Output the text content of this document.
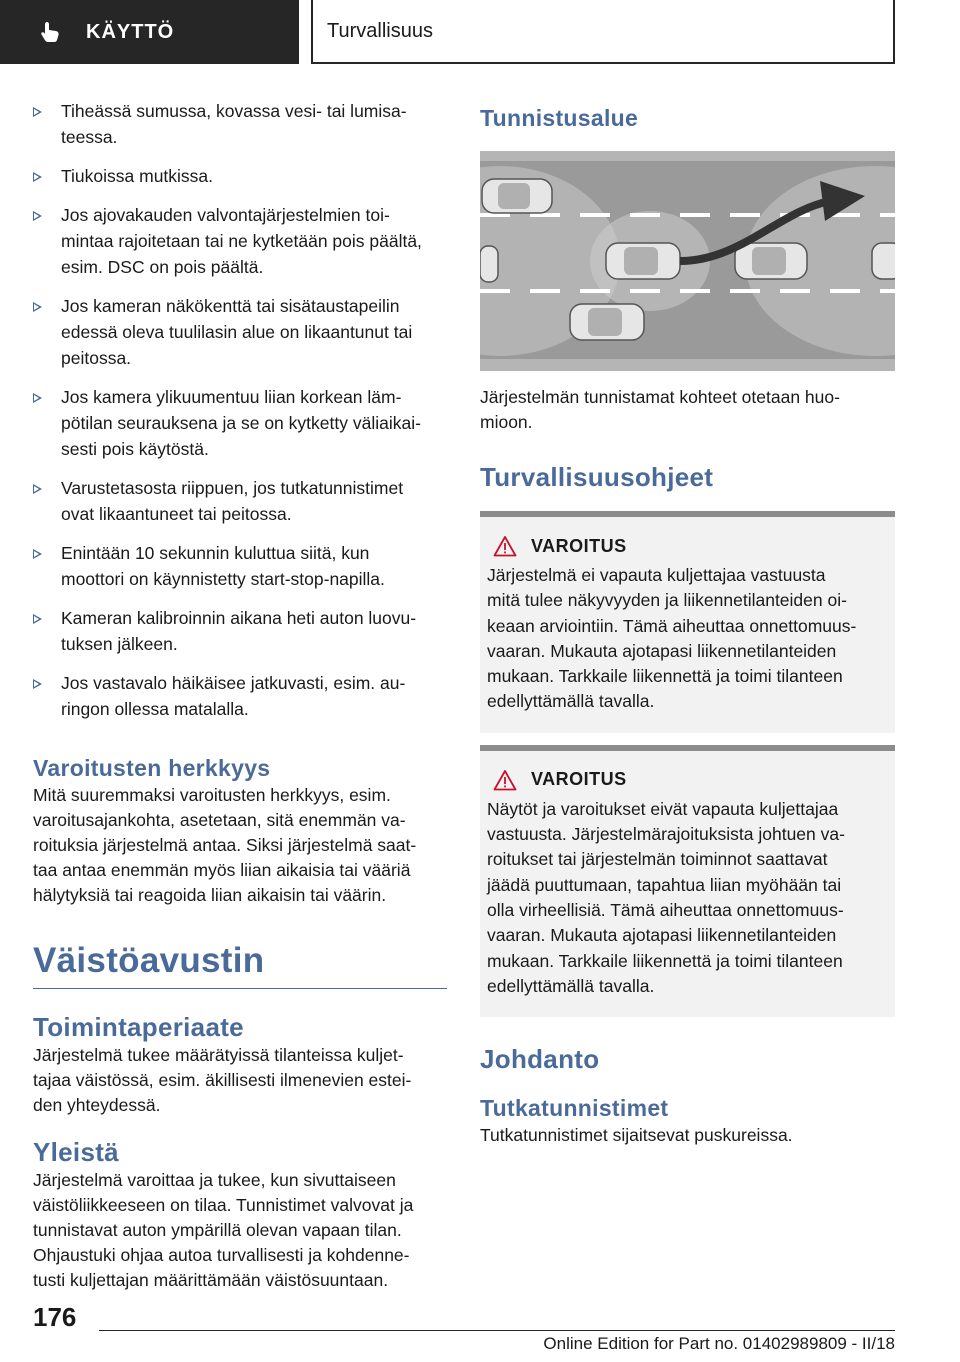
KÄYTTÖ	Turvallisuus
Tiheässä sumussa, kovassa vesi- tai lumisa-
teessa.
Tiukoissa mutkissa.
Jos ajovakauden valvontajärjestelmien toi-
mintaa rajoitetaan tai ne kytketään pois päältä,
esim. DSC on pois päältä.
Jos kameran näkökenttä tai sisätaustapeilin
edessä oleva tuulilasin alue on likaantunut tai
peitossa.
Jos kamera ylikuumentuu liian korkean läm-
pötilan seurauksena ja se on kytketty väliaikai-
sesti pois käytöstä.
Varustetasosta riippuen, jos tutkatunnistimet
ovat likaantuneet tai peitossa.
Enintään 10 sekunnin kuluttua siitä, kun
moottori on käynnistetty start-stop-napilla.
Kameran kalibroinnin aikana heti auton luovu-
tuksen jälkeen.
Jos vastavalo häikäisee jatkuvasti, esim. au-
ringon ollessa matalalla.
Varoitusten herkkyys
Mitä suuremmaksi varoitusten herkkyys, esim.
varoitusajankohta, asetetaan, sitä enemmän va-
roituksia järjestelmä antaa. Siksi järjestelmä saat-
taa antaa enemmän myös liian aikaisia tai vääriä
hälytyksiä tai reagoida liian aikaisin tai väärin.
Väistöavustin
Toimintaperiaate
Järjestelmä tukee määrätyissä tilanteissa kuljet-
tajaa väistössä, esim. äkillisesti ilmenevien estei-
den yhteydessä.
Yleistä
Järjestelmä varoittaa ja tukee, kun sivuttaiseen
väistöliikkeeseen on tilaa. Tunnistimet valvovat ja
tunnistavat auton ympärillä olevan vapaan tilan.
Ohjaustuki ohjaa autoa turvallisesti ja kohdenne-
tusti kuljettajan määrittämään väistösuuntaan.
Tunnistusalue
Järjestelmän tunnistamat kohteet otetaan huo-
mioon.
Turvallisuusohjeet
VAROITUS
Järjestelmä ei vapauta kuljettajaa vastuusta
mitä tulee näkyvyyden ja liikennetilanteiden oi-
keaan arviointiin. Tämä aiheuttaa onnettomuus-
vaaran. Mukauta ajotapasi liikennetilanteiden
mukaan. Tarkkaile liikennettä ja toimi tilanteen
edellyttämällä tavalla.
VAROITUS
Näytöt ja varoitukset eivät vapauta kuljettajaa
vastuusta. Järjestelmärajoituksista johtuen va-
roitukset tai järjestelmän toiminnot saattavat
jäädä puuttumaan, tapahtua liian myöhään tai
olla virheellisiä. Tämä aiheuttaa onnettomuus-
vaaran. Mukauta ajotapasi liikennetilanteiden
mukaan. Tarkkaile liikennettä ja toimi tilanteen
edellyttämällä tavalla.
Johdanto
Tutkatunnistimet
Tutkatunnistimet sijaitsevat puskureissa.
176
Online Edition for Part no. 01402989809 - II/18
